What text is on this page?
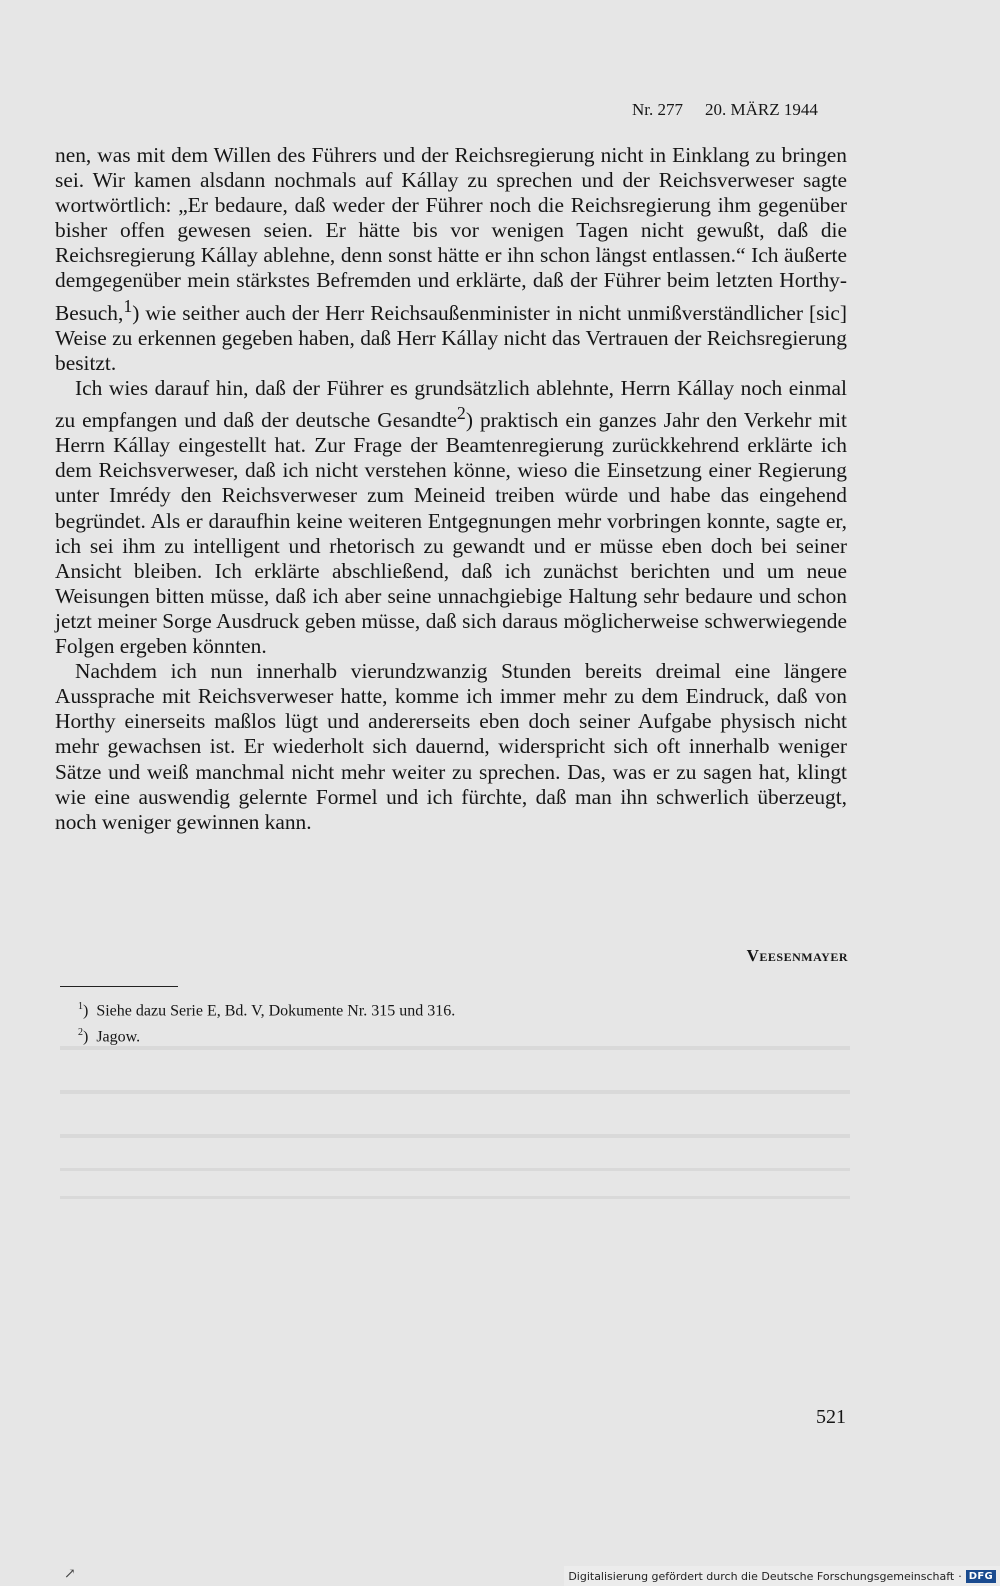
Nr. 277 20. MÄRZ 1944

nen, was mit dem Willen des Führers und der Reichsregierung nicht in Einklang zu bringen sei. Wir kamen alsdann nochmals auf Kállay zu sprechen und der Reichsverweser sagte wortwörtlich: „Er bedaure, daß weder der Führer noch die Reichsregierung ihm gegenüber bisher offen gewesen seien. Er hätte bis vor wenigen Tagen nicht gewußt, daß die Reichsregierung Kállay ablehne, denn sonst hätte er ihn schon längst entlassen.“ Ich äußerte demgegenüber mein stärkstes Befremden und erklärte, daß der Führer beim letzten Horthy-Besuch,$^1$) wie seither auch der Herr Reichsaußenminister in nicht unmißverständlicher [sic] Weise zu erkennen gegeben haben, daß Herr Kállay nicht das Vertrauen der Reichsregierung besitzt.

Ich wies darauf hin, daß der Führer es grundsätzlich ablehnte, Herrn Kállay noch einmal zu empfangen und daß der deutsche Gesandte$^2$) praktisch ein ganzes Jahr den Verkehr mit Herrn Kállay eingestellt hat. Zur Frage der Beamtenregierung zurückkehrend erklärte ich dem Reichsverweser, daß ich nicht verstehen könne, wieso die Einsetzung einer Regierung unter Imrédy den Reichsverweser zum Meineid treiben würde und habe das eingehend begründet. Als er daraufhin keine weiteren Entgegnungen mehr vorbringen konnte, sagte er, ich sei ihm zu intelligent und rhetorisch zu gewandt und er müsse eben doch bei seiner Ansicht bleiben. Ich erklärte abschließend, daß ich zunächst berichten und um neue Weisungen bitten müsse, daß ich aber seine unnachgiebige Haltung sehr bedaure und schon jetzt meiner Sorge Ausdruck geben müsse, daß sich daraus möglicherweise schwerwiegende Folgen ergeben könnten.

Nachdem ich nun innerhalb vierundzwanzig Stunden bereits dreimal eine längere Aussprache mit Reichsverweser hatte, komme ich immer mehr zu dem Eindruck, daß von Horthy einerseits maßlos lügt und andererseits eben doch seiner Aufgabe physisch nicht mehr gewachsen ist. Er wiederholt sich dauernd, widerspricht sich oft innerhalb weniger Sätze und weiß manchmal nicht mehr weiter zu sprechen. Das, was er zu sagen hat, klingt wie eine auswendig gelernte Formel und ich fürchte, daß man ihn schwerlich überzeugt, noch weniger gewinnen kann.

Veesenmayer
$^1$)  Siehe dazu Serie E, Bd. V, Dokumente Nr. 315 und 316.
$^2$)  Jagow.
521
↗	Digitalisierung gefördert durch die Deutsche Forschungsgemeinschaft · DFG
